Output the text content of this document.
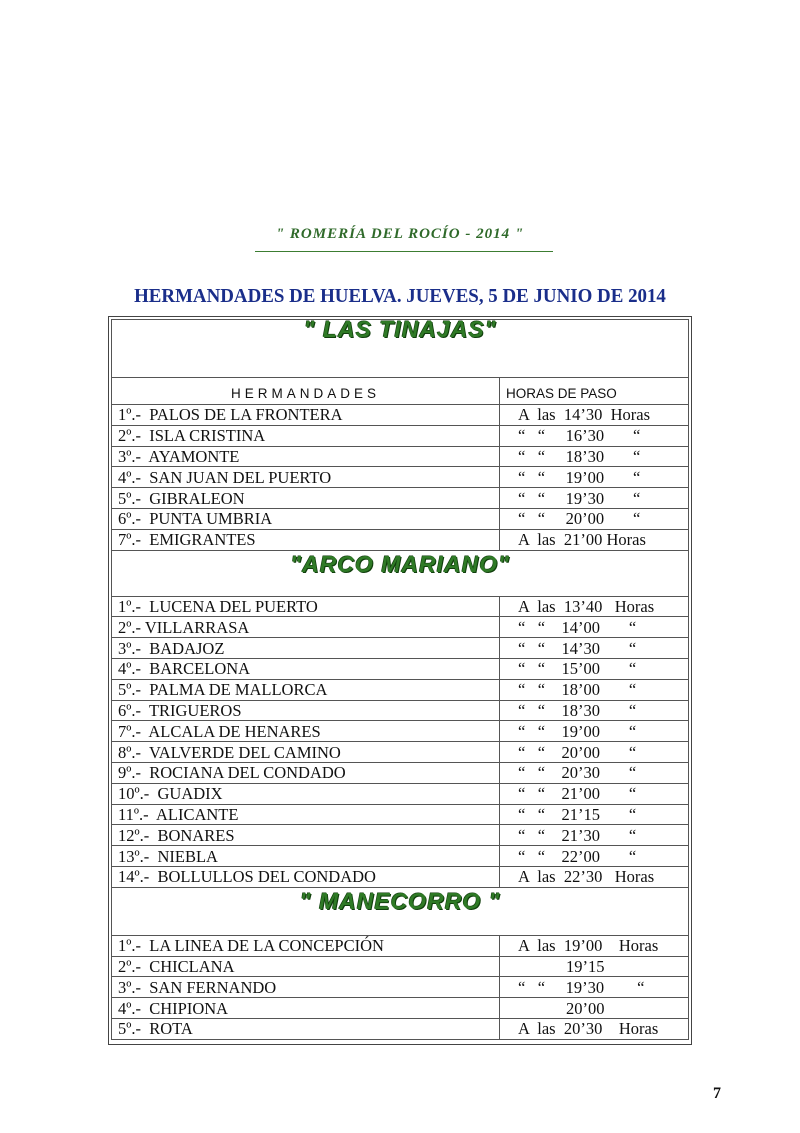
" ROMERÍA DEL ROCÍO - 2014 "
HERMANDADES DE HUELVA. JUEVES, 5 DE JUNIO DE 2014
" LAS TINAJAS"	
HERMANDADES	HORAS DE PASO
1º.-  PALOS DE LA FRONTERA	A  las  14’30  Horas
2º.-  ISLA CRISTINA	“   “     16’30       “
3º.-  AYAMONTE	“   “     18’30       “
4º.-  SAN JUAN DEL PUERTO	“   “     19’00       “
5º.-  GIBRALEON	“   “     19’30       “
6º.-  PUNTA UMBRIA	“   “     20’00       “
7º.-  EMIGRANTES	A  las  21’00 Horas
"ARCO MARIANO"	
1º.-  LUCENA DEL PUERTO	A  las  13’40   Horas
2º.- VILLARRASA	“   “    14’00       “
3º.-  BADAJOZ	“   “    14’30       “
4º.-  BARCELONA	“   “    15’00       “
5º.-  PALMA DE MALLORCA	“   “    18’00       “
6º.-  TRIGUEROS	“   “    18’30       “
7º.-  ALCALA DE HENARES	“   “    19’00       “
8º.-  VALVERDE DEL CAMINO	“   “    20’00       “
9º.-  ROCIANA DEL CONDADO	“   “    20’30       “
10º.-  GUADIX	“   “    21’00       “
11º.-  ALICANTE	“   “    21’15       “
12º.-  BONARES	“   “    21’30       “
13º.-  NIEBLA	“   “    22’00       “
14º.-  BOLLULLOS DEL CONDADO	A  las  22’30   Horas
" MANECORRO "	
1º.-  LA LINEA DE LA CONCEPCIÓN	A  las  19’00    Horas
2º.-  CHICLANA	19’15
3º.-  SAN FERNANDO	“   “     19’30        “
4º.-  CHIPIONA	20’00
5º.-  ROTA	A  las  20’30    Horas
7
